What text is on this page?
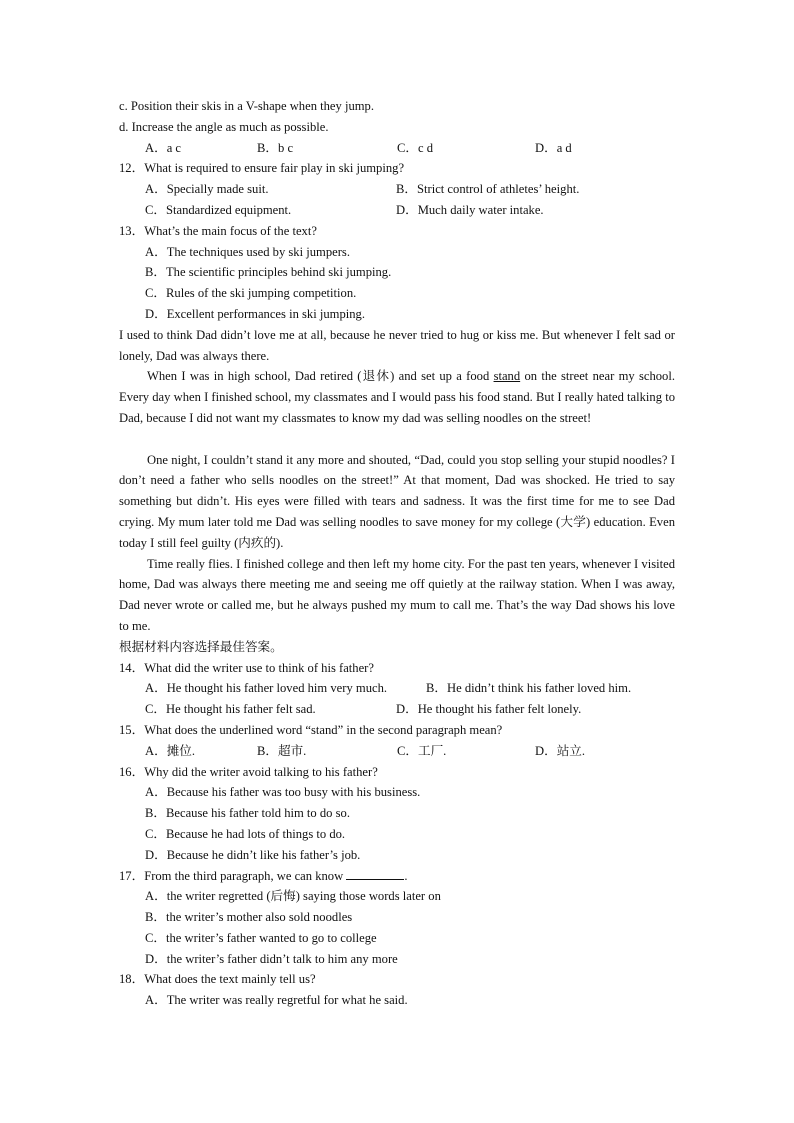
c. Position their skis in a V-shape when they jump.
d. Increase the angle as much as possible.
A．a c	B．b c	C．c d	D．a d
12．What is required to ensure fair play in ski jumping?
A．Specially made suit.	B．Strict control of athletes’ height.
C．Standardized equipment.	D．Much daily water intake.
13．What’s the main focus of the text?
A．The techniques used by ski jumpers.
B．The scientific principles behind ski jumping.
C．Rules of the ski jumping competition.
D．Excellent performances in ski jumping.

I used to think Dad didn’t love me at all, because he never tried to hug or kiss me. But whenever I felt sad or lonely, Dad was always there.

When I was in high school, Dad retired (退休) and set up a food stand on the street near my school. Every day when I finished school, my classmates and I would pass his food stand. But I really hated talking to Dad, because I did not want my classmates to know my dad was selling noodles on the street!

One night, I couldn’t stand it any more and shouted, “Dad, could you stop selling your stupid noodles? I don’t need a father who sells noodles on the street!” At that moment, Dad was shocked. He tried to say something but didn’t. His eyes were filled with tears and sadness. It was the first time for me to see Dad crying. My mum later told me Dad was selling noodles to save money for my college (大学) education. Even today I still feel guilty (内疚的).

Time really flies. I finished college and then left my home city. For the past ten years, whenever I visited home, Dad was always there meeting me and seeing me off quietly at the railway station. When I was away, Dad never wrote or called me, but he always pushed my mum to call me. That’s the way Dad shows his love to me.

根据材料内容选择最佳答案。
14．What did the writer use to think of his father?
A．He thought his father loved him very much.	B．He didn’t think his father loved him.
C．He thought his father felt sad.	D．He thought his father felt lonely.
15．What does the underlined word “stand” in the second paragraph mean?
A．摊位.	B．超市.	C．工厂.	D．站立.
16．Why did the writer avoid talking to his father?
A．Because his father was too busy with his business.
B．Because his father told him to do so.
C．Because he had lots of things to do.
D．Because he didn’t like his father’s job.
17．From the third paragraph, we can know	.
A．the writer regretted (后悔) saying those words later on
B．the writer’s mother also sold noodles
C．the writer’s father wanted to go to college
D．the writer’s father didn’t talk to him any more
18．What does the text mainly tell us?
A．The writer was really regretful for what he said.
